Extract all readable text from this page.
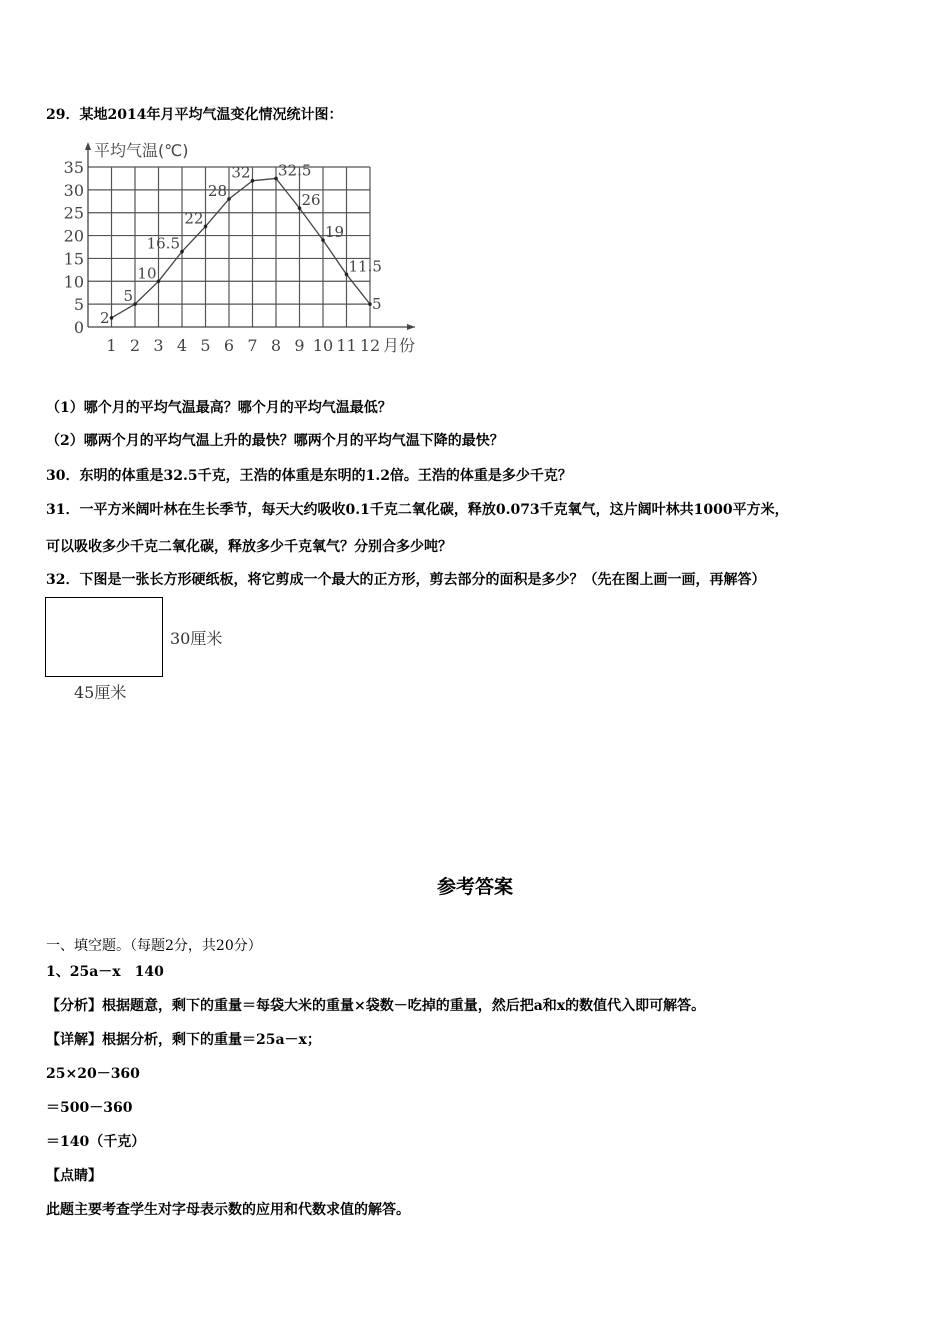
29．某地2014年月平均气温变化情况统计图：
平均气温(℃)
月份
0
5
10
15
20
25
30
35
1 2 3 4 5 6 7 8 9 10 11 12
2
5
10
16.5
22
28
32 32.5
26
19
11.5
5
（1）哪个月的平均气温最高？哪个月的平均气温最低？
（2）哪两个月的平均气温上升的最快？哪两个月的平均气温下降的最快？
30．东明的体重是32.5千克，王浩的体重是东明的1.2倍。王浩的体重是多少千克？
31．一平方米阔叶林在生长季节，每天大约吸收0.1千克二氧化碳，释放0.073千克氧气，这片阔叶林共1000平方米，
可以吸收多少千克二氧化碳，释放多少千克氧气？分别合多少吨？
32．下图是一张长方形硬纸板，将它剪成一个最大的正方形，剪去部分的面积是多少？（先在图上画一画，再解答）
30厘米
45厘米
参考答案
一、填空题。（每题2分，共20分）
1、25a－x　140
【分析】根据题意，剩下的重量＝每袋大米的重量×袋数－吃掉的重量，然后把a和x的数值代入即可解答。
【详解】根据分析，剩下的重量＝25a－x；
25×20－360
＝500－360
＝140（千克）
【点睛】
此题主要考查学生对字母表示数的应用和代数求值的解答。
